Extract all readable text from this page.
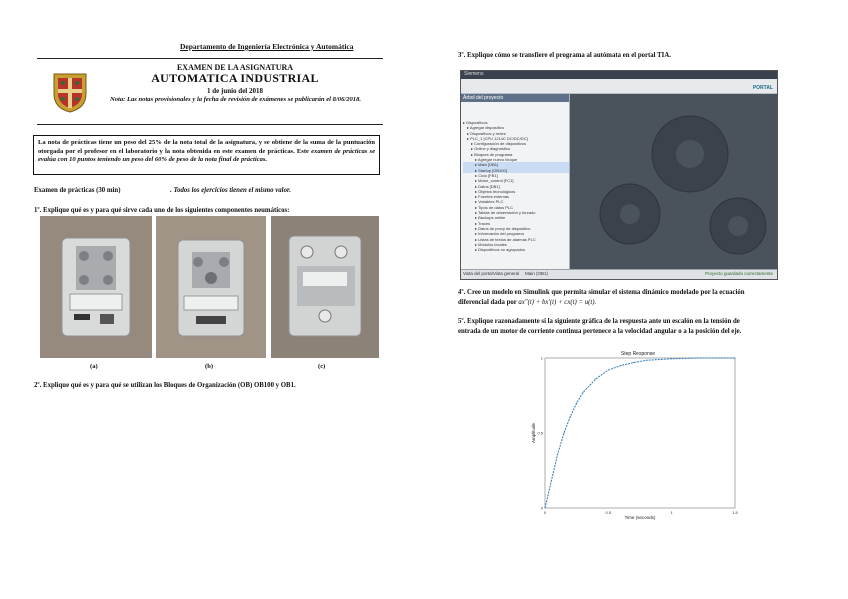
Departamento de Ingeniería Electrónica y Automática
EXAMEN DE LA ASIGNATURA
AUTOMATICA INDUSTRIAL
1 de junio del 2018
Nota: Las notas provisionales y la fecha de revisión de exámenes se publicarán el 8/06/2018.
La nota de prácticas tiene un peso del 25% de la nota total de la asignatura, y se obtiene de la suma de la puntuación otorgada por el profesor en el laboratorio y la nota obtenida en este examen de prácticas. Este examen de prácticas se evalúa con 10 puntos teniendo un peso del 60% de peso de la nota final de prácticas.
Examen de prácticas (30 min)	. Todos los ejercicios tienen el mismo valor.
1º. Explique qué es y para qué sirve cada uno de los siguientes componentes neumáticos:
(a)	(b)	(c)
2º. Explique qué es y para qué se utilizan los Bloques de Organización (OB) OB100 y OB1.
3º. Explique cómo se transfiere el programa al autómata en el portal TIA.
Siemens
PORTAL
Árbol del proyecto
▸ Dispositivos
▸ Agregar dispositivo
▸ Dispositivos y redes
▸ PLC_1 [CPU 1214C DC/DC/DC]
▸ Configuración de dispositivos
▸ Online y diagnóstico
▸ Bloques de programa
▸ Agregar nuevo bloque
▸ Main [OB1]
▸ Startup [OB100]
▸ Ciclo [FB1]
▸ Motor_control [FC1]
▸ Datos [DB1]
▸ Objetos tecnológicos
▸ Fuentes externas
▸ Variables PLC
▸ Tipos de datos PLC
▸ Tablas de observación y forzado
▸ Backups online
▸ Traces
▸ Datos de proxy de dispositivo
▸ Información del programa
▸ Listas de textos de alarmas PLC
▸ Módulos locales
▸ Dispositivos no agrupados
Vista del portal Vista general Main (OB1)	Proyecto guardado correctamente
4º. Cree un modelo en Simulink que permita simular el sistema dinámico modelado por la ecuación
diferencial dada por ax″(t) + bx′(t) + cx(t) = u(t).
5º. Explique razonadamente si la siguiente gráfica de la respuesta ante un escalón en la tensión de
entrada de un motor de corriente continua pertenece a la velocidad angular o a la posición del eje.
Step Response
0	0.5	1	1.5
0
0.5
1
Time (seconds)
Amplitude
